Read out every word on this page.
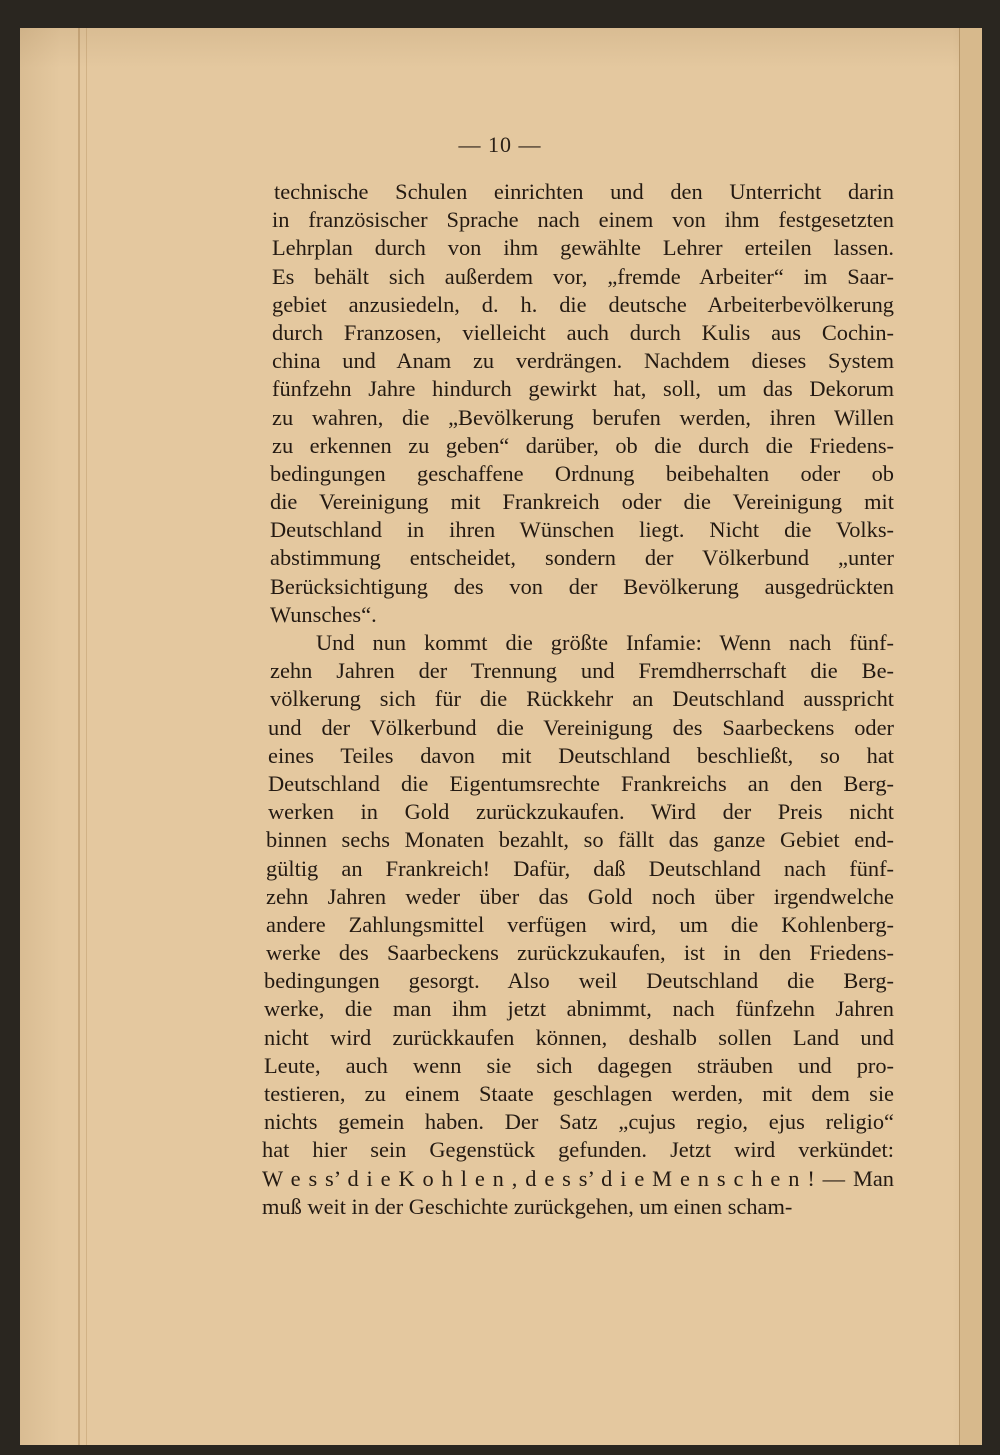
— 10 —
technische Schulen einrichten und den Unterricht darin
in französischer Sprache nach einem von ihm festgesetzten
Lehrplan durch von ihm gewählte Lehrer erteilen lassen.
Es behält sich außerdem vor, „fremde Arbeiter“ im Saar-
gebiet anzusiedeln, d. h. die deutsche Arbeiterbevölkerung
durch Franzosen, vielleicht auch durch Kulis aus Cochin-
china und Anam zu verdrängen. Nachdem dieses System
fünfzehn Jahre hindurch gewirkt hat, soll, um das Dekorum
zu wahren, die „Bevölkerung berufen werden, ihren Willen
zu erkennen zu geben“ darüber, ob die durch die Friedens-
bedingungen geschaffene Ordnung beibehalten oder ob
die Vereinigung mit Frankreich oder die Vereinigung mit
Deutschland in ihren Wünschen liegt. Nicht die Volks-
abstimmung entscheidet, sondern der Völkerbund „unter
Berücksichtigung des von der Bevölkerung ausgedrückten
Wunsches“.
Und nun kommt die größte Infamie: Wenn nach fünf-
zehn Jahren der Trennung und Fremdherrschaft die Be-
völkerung sich für die Rückkehr an Deutschland ausspricht
und der Völkerbund die Vereinigung des Saarbeckens oder
eines Teiles davon mit Deutschland beschließt, so hat
Deutschland die Eigentumsrechte Frankreichs an den Berg-
werken in Gold zurückzukaufen. Wird der Preis nicht
binnen sechs Monaten bezahlt, so fällt das ganze Gebiet end-
gültig an Frankreich! Dafür, daß Deutschland nach fünf-
zehn Jahren weder über das Gold noch über irgendwelche
andere Zahlungsmittel verfügen wird, um die Kohlenberg-
werke des Saarbeckens zurückzukaufen, ist in den Friedens-
bedingungen gesorgt. Also weil Deutschland die Berg-
werke, die man ihm jetzt abnimmt, nach fünfzehn Jahren
nicht wird zurückkaufen können, deshalb sollen Land und
Leute, auch wenn sie sich dagegen sträuben und pro-
testieren, zu einem Staate geschlagen werden, mit dem sie
nichts gemein haben. Der Satz „cujus regio, ejus religio“
hat hier sein Gegenstück gefunden. Jetzt wird verkündet:
W e s s’ d i e K o h l e n , d e s s’ d i e M e n s c h e n ! — Man
muß weit in der Geschichte zurückgehen, um einen scham-
